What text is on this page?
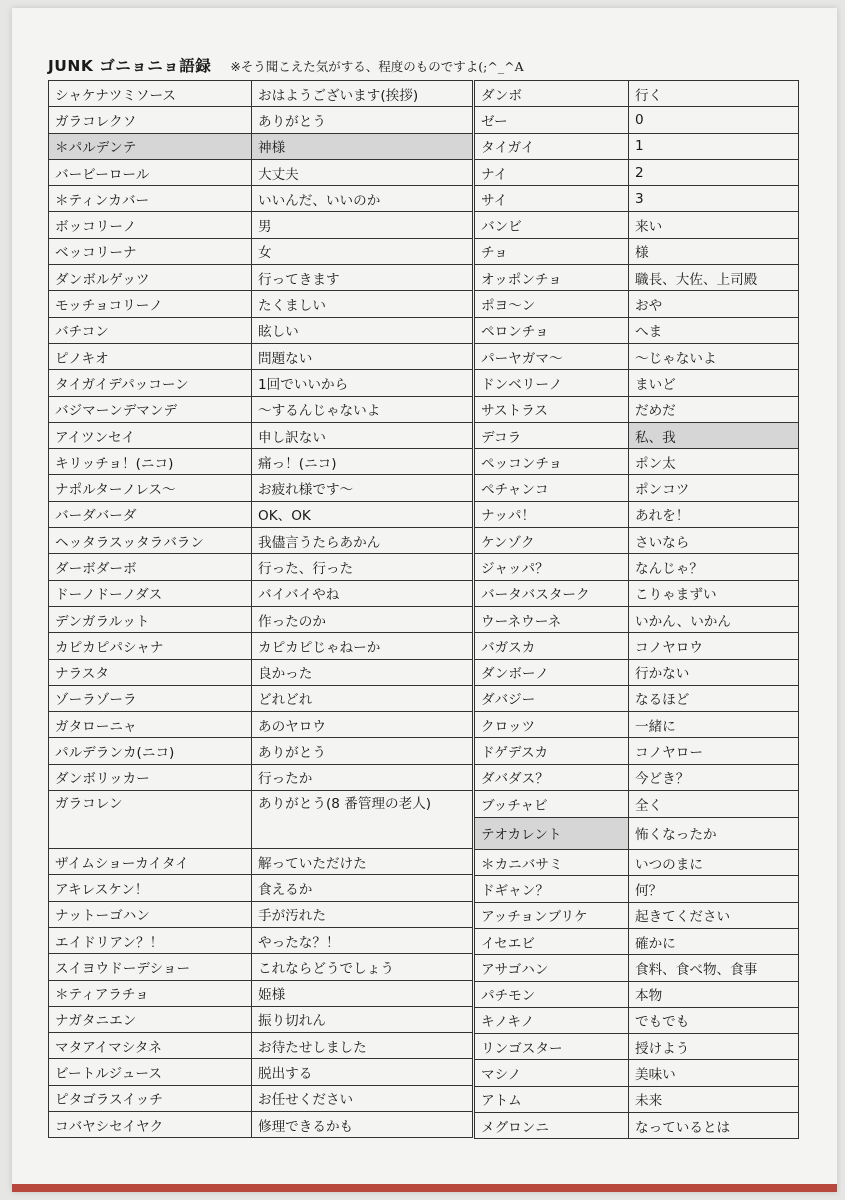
JUNK ゴニョニョ語録 ※そう聞こえた気がする、程度のものですよ(;^_^A
シャケナツミソース	おはようございます(挨拶)
ガラコレクソ	ありがとう
＊パルデンテ	神様
バービーロール	大丈夫
＊ティンカバー	いいんだ、いいのか
ボッコリーノ	男
ベッコリーナ	女
ダンボルゲッツ	行ってきます
モッチョコリーノ	たくましい
バチコン	眩しい
ピノキオ	問題ない
タイガイデパッコーン	1回でいいから
バジマーンデマンデ	～するんじゃないよ
アイツンセイ	申し訳ない
キリッチョ！(ニコ)	痛っ！(ニコ)
ナポルターノレス～	お疲れ様です～
バーダバーダ	OK、OK
ヘッタラスッタラバラン	我儘言うたらあかん
ダーボダーボ	行った、行った
ドーノドーノダス	バイバイやね
デンガラルット	作ったのか
カピカピパシャナ	カピカピじゃねーか
ナラスタ	良かった
ゾーラゾーラ	どれどれ
ガタローニャ	あのヤロウ
パルデランカ(ニコ)	ありがとう
ダンボリッカー	行ったか
ガラコレン	ありがとう(8 番管理の老人)
ザイムショーカイタイ	解っていただけた
アキレスケン！	食えるか
ナットーゴハン	手が汚れた
エイドリアン？！	やったな？！
スイヨウドーデショー	これならどうでしょう
＊ティアラチョ	姫様
ナガタニエン	振り切れん
マタアイマシタネ	お待たせしました
ビートルジュース	脱出する
ピタゴラスイッチ	お任せください
コバヤシセイヤク	修理できるかも
ダンボ	行く
ゼー	0
タイガイ	1
ナイ	2
サイ	3
バンビ	来い
チョ	様
オッポンチョ	職長、大佐、上司殿
ポヨ～ン	おや
ペロンチョ	へま
パーヤガマ～	～じゃないよ
ドンベリーノ	まいど
サストラス	だめだ
デコラ	私、我
ペッコンチョ	ポン太
ペチャンコ	ポンコツ
ナッパ！	あれを！
ケンゾク	さいなら
ジャッパ？	なんじゃ？
バータバスターク	こりゃまずい
ウーネウーネ	いかん、いかん
バガスカ	コノヤロウ
ダンボーノ	行かない
ダバジー	なるほど
クロッツ	一緒に
ドゲデスカ	コノヤロー
ダバダス？	今どき？
ブッチャビ	全く
テオカレント	怖くなったか
＊カニバサミ	いつのまに
ドギャン？	何？
アッチョンブリケ	起きてください
イセエビ	確かに
アサゴハン	食料、食べ物、食事
パチモン	本物
キノキノ	でもでも
リンゴスター	授けよう
マシノ	美味い
アトム	未来
メグロンニ	なっているとは
